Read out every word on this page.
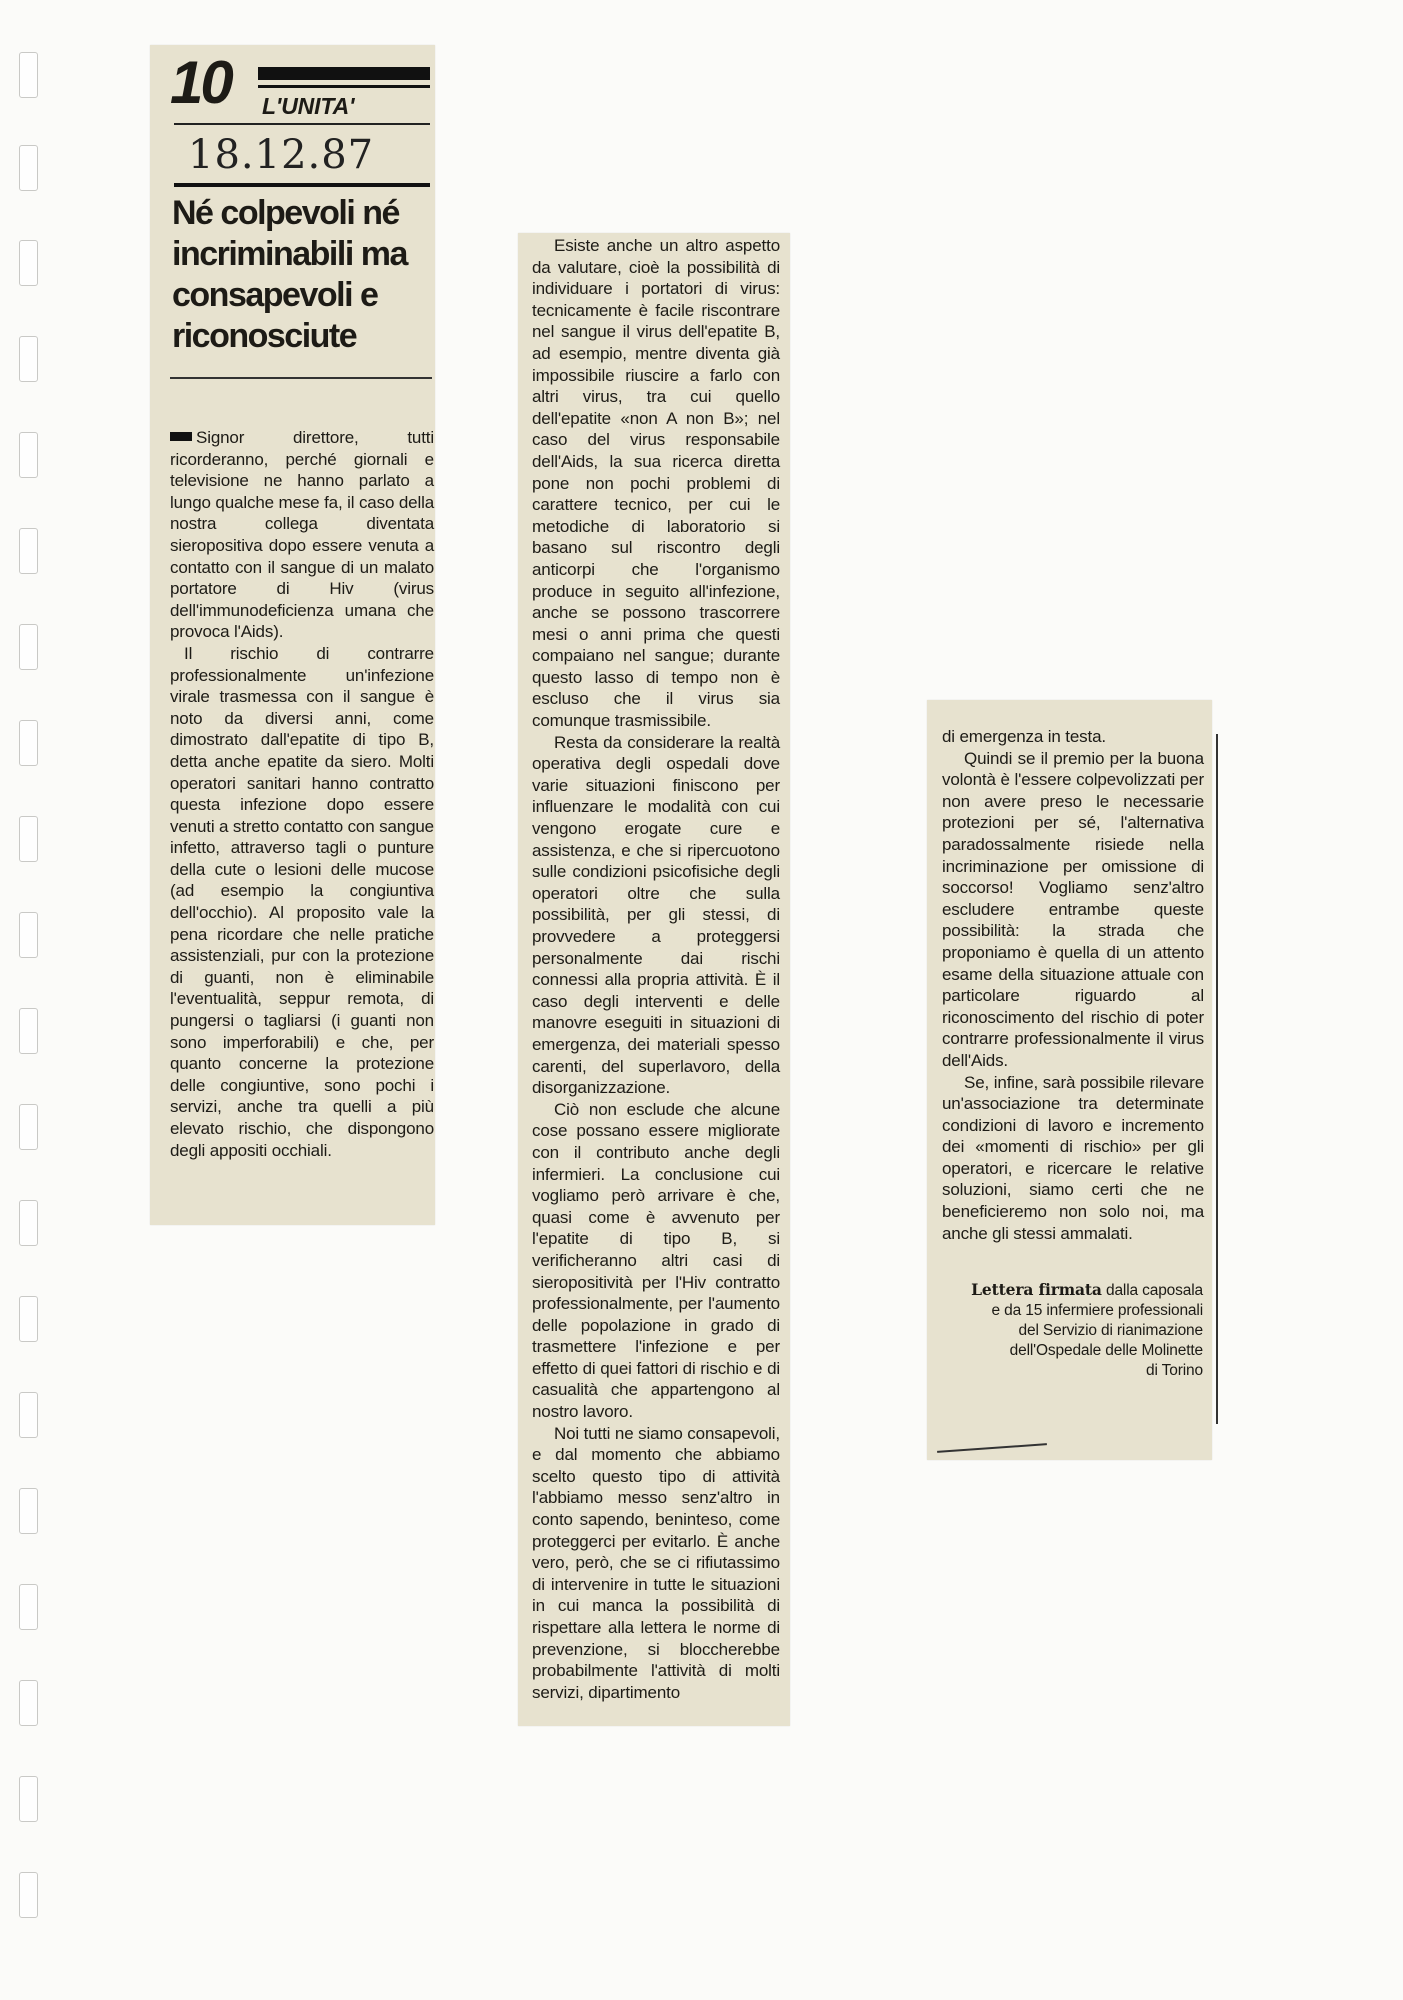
10 L'UNITA'
18.12.87
Né colpevoli né incriminabili ma consapevoli e riconosciute

Signor direttore, tutti ricorderanno, perché giornali e televisione ne hanno parlato a lungo qualche mese fa, il caso della nostra collega diventata sieropositiva dopo essere venuta a contatto con il sangue di un malato portatore di Hiv (virus dell'immunodeficienza umana che provoca l'Aids).

Il rischio di contrarre professionalmente un'infezione virale trasmessa con il sangue è noto da diversi anni, come dimostrato dall'epatite di tipo B, detta anche epatite da siero. Molti operatori sanitari hanno contratto questa infezione dopo essere venuti a stretto contatto con sangue infetto, attraverso tagli o punture della cute o lesioni delle mucose (ad esempio la congiuntiva dell'occhio). Al proposito vale la pena ricordare che nelle pratiche assistenziali, pur con la protezione di guanti, non è eliminabile l'eventualità, seppur remota, di pungersi o tagliarsi (i guanti non sono imperforabili) e che, per quanto concerne la protezione delle congiuntive, sono pochi i servizi, anche tra quelli a più elevato rischio, che dispongono degli appositi occhiali.

Esiste anche un altro aspetto da valutare, cioè la possibilità di individuare i portatori di virus: tecnicamente è facile riscontrare nel sangue il virus dell'epatite B, ad esempio, mentre diventa già impossibile riuscire a farlo con altri virus, tra cui quello dell'epatite «non A non B»; nel caso del virus responsabile dell'Aids, la sua ricerca diretta pone non pochi problemi di carattere tecnico, per cui le metodiche di laboratorio si basano sul riscontro degli anticorpi che l'organismo produce in seguito all'infezione, anche se possono trascorrere mesi o anni prima che questi compaiano nel sangue; durante questo lasso di tempo non è escluso che il virus sia comunque trasmissibile.

Resta da considerare la realtà operativa degli ospedali dove varie situazioni finiscono per influenzare le modalità con cui vengono erogate cure e assistenza, e che si ripercuotono sulle condizioni psicofisiche degli operatori oltre che sulla possibilità, per gli stessi, di provvedere a proteggersi personalmente dai rischi connessi alla propria attività. È il caso degli interventi e delle manovre eseguiti in situazioni di emergenza, dei materiali spesso carenti, del superlavoro, della disorganizzazione.

Ciò non esclude che alcune cose possano essere migliorate con il contributo anche degli infermieri. La conclusione cui vogliamo però arrivare è che, quasi come è avvenuto per l'epatite di tipo B, si verificheranno altri casi di sieropositività per l'Hiv contratto professionalmente, per l'aumento delle popolazione in grado di trasmettere l'infezione e per effetto di quei fattori di rischio e di casualità che appartengono al nostro lavoro.

Noi tutti ne siamo consapevoli, e dal momento che abbiamo scelto questo tipo di attività l'abbiamo messo senz'altro in conto sapendo, beninteso, come proteggerci per evitarlo. È anche vero, però, che se ci rifiutassimo di intervenire in tutte le situazioni in cui manca la possibilità di rispettare alla lettera le norme di prevenzione, si bloccherebbe probabilmente l'attività di molti servizi, dipartimento

di emergenza in testa.

Quindi se il premio per la buona volontà è l'essere colpevolizzati per non avere preso le necessarie protezioni per sé, l'alternativa paradossalmente risiede nella incriminazione per omissione di soccorso! Vogliamo senz'altro escludere entrambe queste possibilità: la strada che proponiamo è quella di un attento esame della situazione attuale con particolare riguardo al riconoscimento del rischio di poter contrarre professionalmente il virus dell'Aids.

Se, infine, sarà possibile rilevare un'associazione tra determinate condizioni di lavoro e incremento dei «momenti di rischio» per gli operatori, e ricercare le relative soluzioni, siamo certi che ne beneficieremo non solo noi, ma anche gli stessi ammalati.

Lettera firmata dalla caposala
e da 15 infermiere professionali
del Servizio di rianimazione
dell'Ospedale delle Molinette
di Torino
